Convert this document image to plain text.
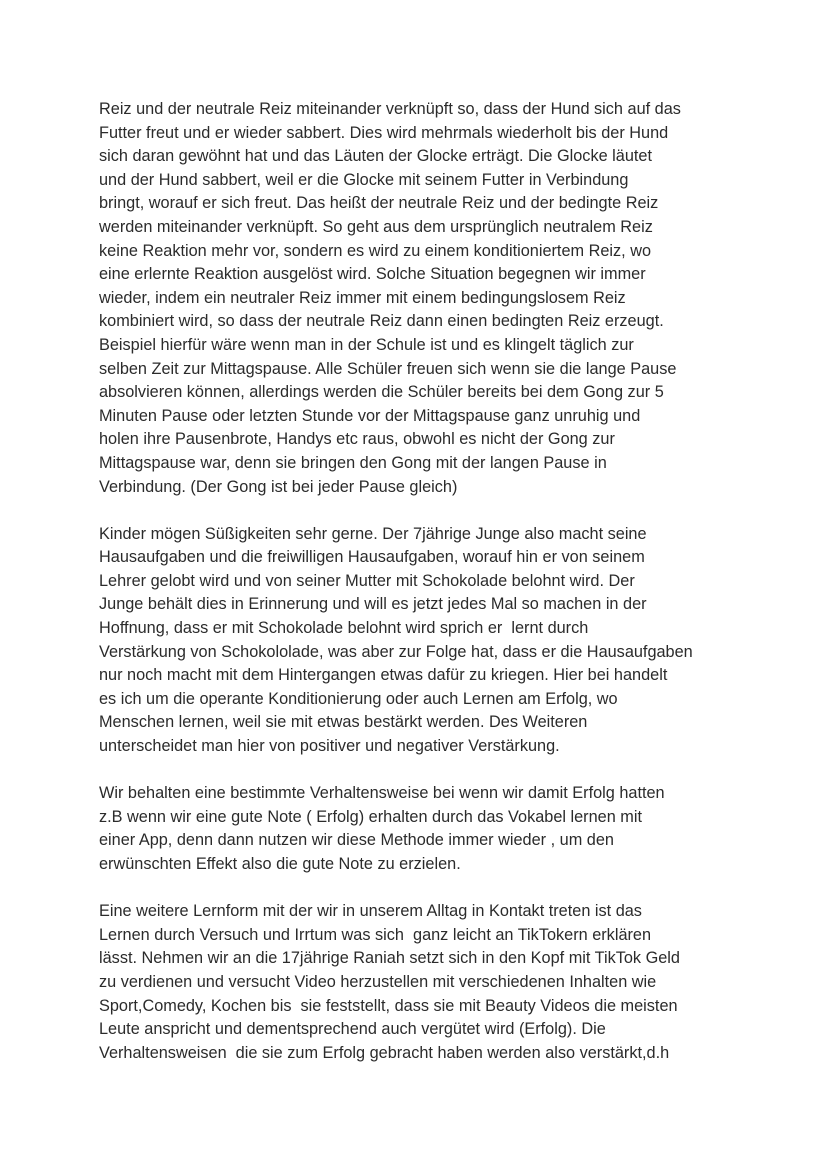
Reiz und der neutrale Reiz miteinander verknüpft so, dass der Hund sich auf das
Futter freut und er wieder sabbert. Dies wird mehrmals wiederholt bis der Hund
sich daran gewöhnt hat und das Läuten der Glocke erträgt. Die Glocke läutet
und der Hund sabbert, weil er die Glocke mit seinem Futter in Verbindung
bringt, worauf er sich freut. Das heißt der neutrale Reiz und der bedingte Reiz
werden miteinander verknüpft. So geht aus dem ursprünglich neutralem Reiz
keine Reaktion mehr vor, sondern es wird zu einem konditioniertem Reiz, wo
eine erlernte Reaktion ausgelöst wird. Solche Situation begegnen wir immer
wieder, indem ein neutraler Reiz immer mit einem bedingungslosem Reiz
kombiniert wird, so dass der neutrale Reiz dann einen bedingten Reiz erzeugt.
Beispiel hierfür wäre wenn man in der Schule ist und es klingelt täglich zur
selben Zeit zur Mittagspause. Alle Schüler freuen sich wenn sie die lange Pause
absolvieren können, allerdings werden die Schüler bereits bei dem Gong zur 5
Minuten Pause oder letzten Stunde vor der Mittagspause ganz unruhig und
holen ihre Pausenbrote, Handys etc raus, obwohl es nicht der Gong zur
Mittagspause war, denn sie bringen den Gong mit der langen Pause in
Verbindung. (Der Gong ist bei jeder Pause gleich)
Kinder mögen Süßigkeiten sehr gerne. Der 7jährige Junge also macht seine
Hausaufgaben und die freiwilligen Hausaufgaben, worauf hin er von seinem
Lehrer gelobt wird und von seiner Mutter mit Schokolade belohnt wird. Der
Junge behält dies in Erinnerung und will es jetzt jedes Mal so machen in der
Hoffnung, dass er mit Schokolade belohnt wird sprich er  lernt durch
Verstärkung von Schokololade, was aber zur Folge hat, dass er die Hausaufgaben
nur noch macht mit dem Hintergangen etwas dafür zu kriegen. Hier bei handelt
es ich um die operante Konditionierung oder auch Lernen am Erfolg, wo
Menschen lernen, weil sie mit etwas bestärkt werden. Des Weiteren
unterscheidet man hier von positiver und negativer Verstärkung.
Wir behalten eine bestimmte Verhaltensweise bei wenn wir damit Erfolg hatten
z.B wenn wir eine gute Note ( Erfolg) erhalten durch das Vokabel lernen mit
einer App, denn dann nutzen wir diese Methode immer wieder , um den
erwünschten Effekt also die gute Note zu erzielen.
Eine weitere Lernform mit der wir in unserem Alltag in Kontakt treten ist das
Lernen durch Versuch und Irrtum was sich  ganz leicht an TikTokern erklären
lässt. Nehmen wir an die 17jährige Raniah setzt sich in den Kopf mit TikTok Geld
zu verdienen und versucht Video herzustellen mit verschiedenen Inhalten wie
Sport,Comedy, Kochen bis  sie feststellt, dass sie mit Beauty Videos die meisten
Leute anspricht und dementsprechend auch vergütet wird (Erfolg). Die
Verhaltensweisen  die sie zum Erfolg gebracht haben werden also verstärkt,d.h
